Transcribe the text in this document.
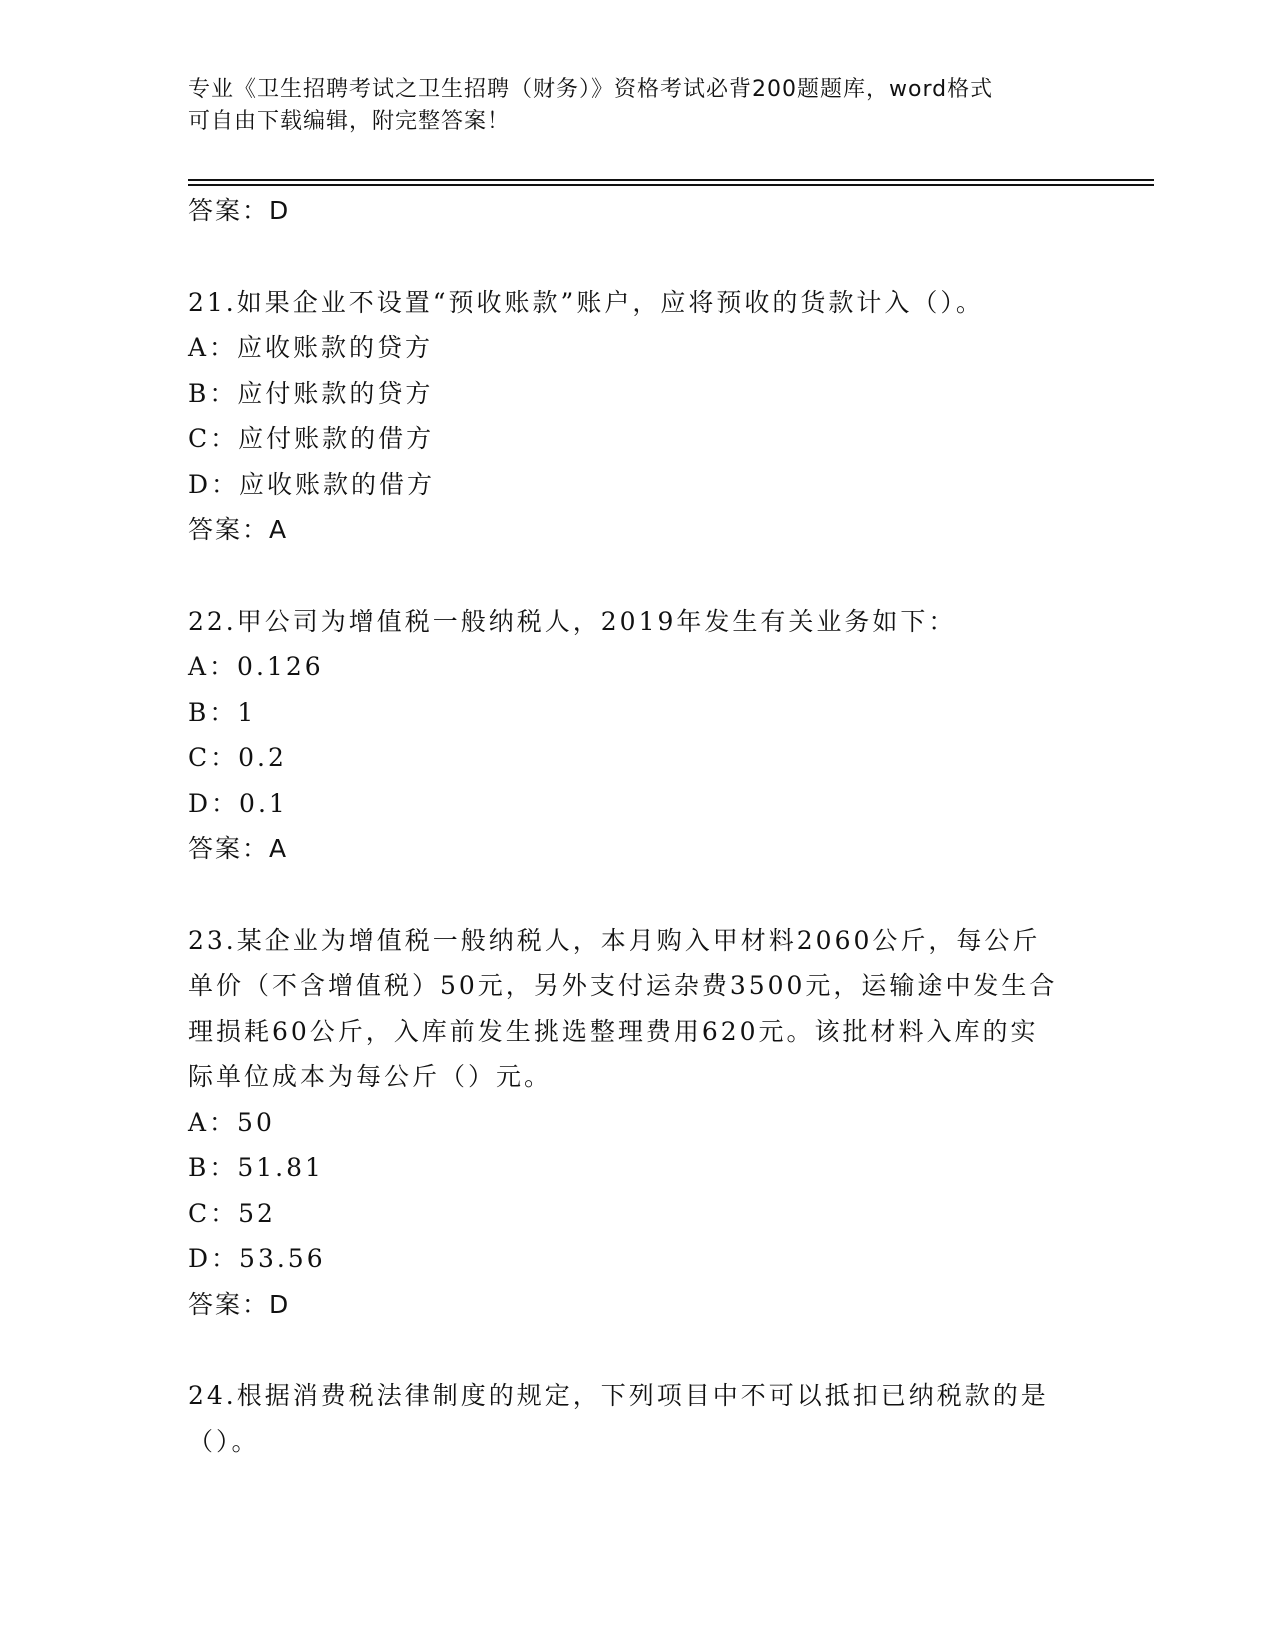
专业《卫生招聘考试之卫生招聘（财务）》资格考试必背200题题库，word格式
可自由下载编辑，附完整答案！
答案：D
21.如果企业不设置“预收账款”账户，应将预收的货款计入（）。
A：应收账款的贷方
B：应付账款的贷方
C：应付账款的借方
D：应收账款的借方
答案：A
22.甲公司为增值税一般纳税人，2019年发生有关业务如下：
A：0.126
B：1
C：0.2
D：0.1
答案：A
23.某企业为增值税一般纳税人，本月购入甲材料2060公斤，每公斤
单价（不含增值税）50元，另外支付运杂费3500元，运输途中发生合
理损耗60公斤，入库前发生挑选整理费用620元。该批材料入库的实
际单位成本为每公斤（）元。
A：50
B：51.81
C：52
D：53.56
答案：D
24.根据消费税法律制度的规定，下列项目中不可以抵扣已纳税款的是
（）。
